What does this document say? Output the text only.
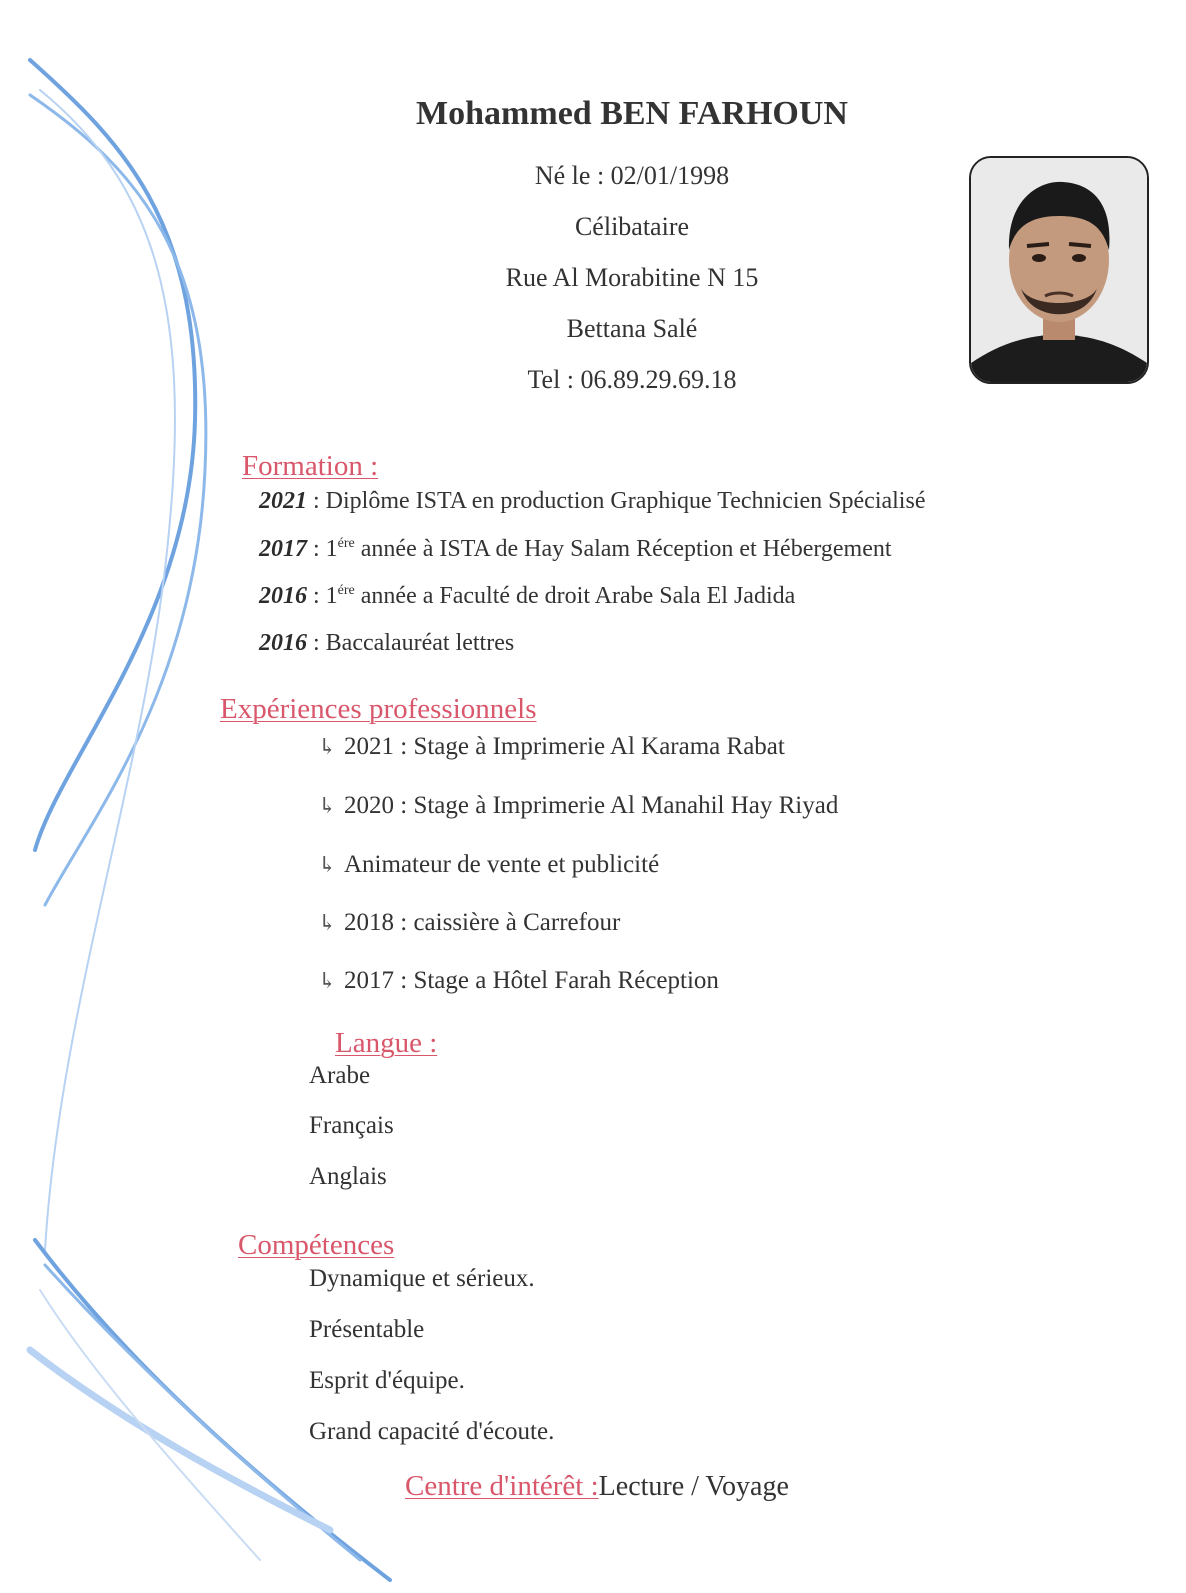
Mohammed BEN FARHOUN
Né le : 02/01/1998
Célibataire
Rue Al Morabitine N 15
Bettana Salé
Tel : 06.89.29.69.18
Formation :
2021 : Diplôme ISTA en production Graphique Technicien Spécialisé
2017 : $1^{ére}$ année à ISTA de Hay Salam Réception et Hébergement
2016 : $1^{ére}$ année a Faculté de droit Arabe Sala El Jadida
2016 : Baccalauréat lettres
Expériences professionnels
↳ 2021 : Stage à Imprimerie Al Karama Rabat
↳ 2020 : Stage à Imprimerie Al Manahil Hay Riyad
↳ Animateur de vente et publicité
↳ 2018 : caissière à Carrefour
↳ 2017 : Stage a Hôtel Farah Réception
Langue :
Arabe
Français
Anglais
Compétences
Dynamique et sérieux.
Présentable
Esprit d'équipe.
Grand capacité d'écoute.
Centre d'intérêt :Lecture / Voyage
